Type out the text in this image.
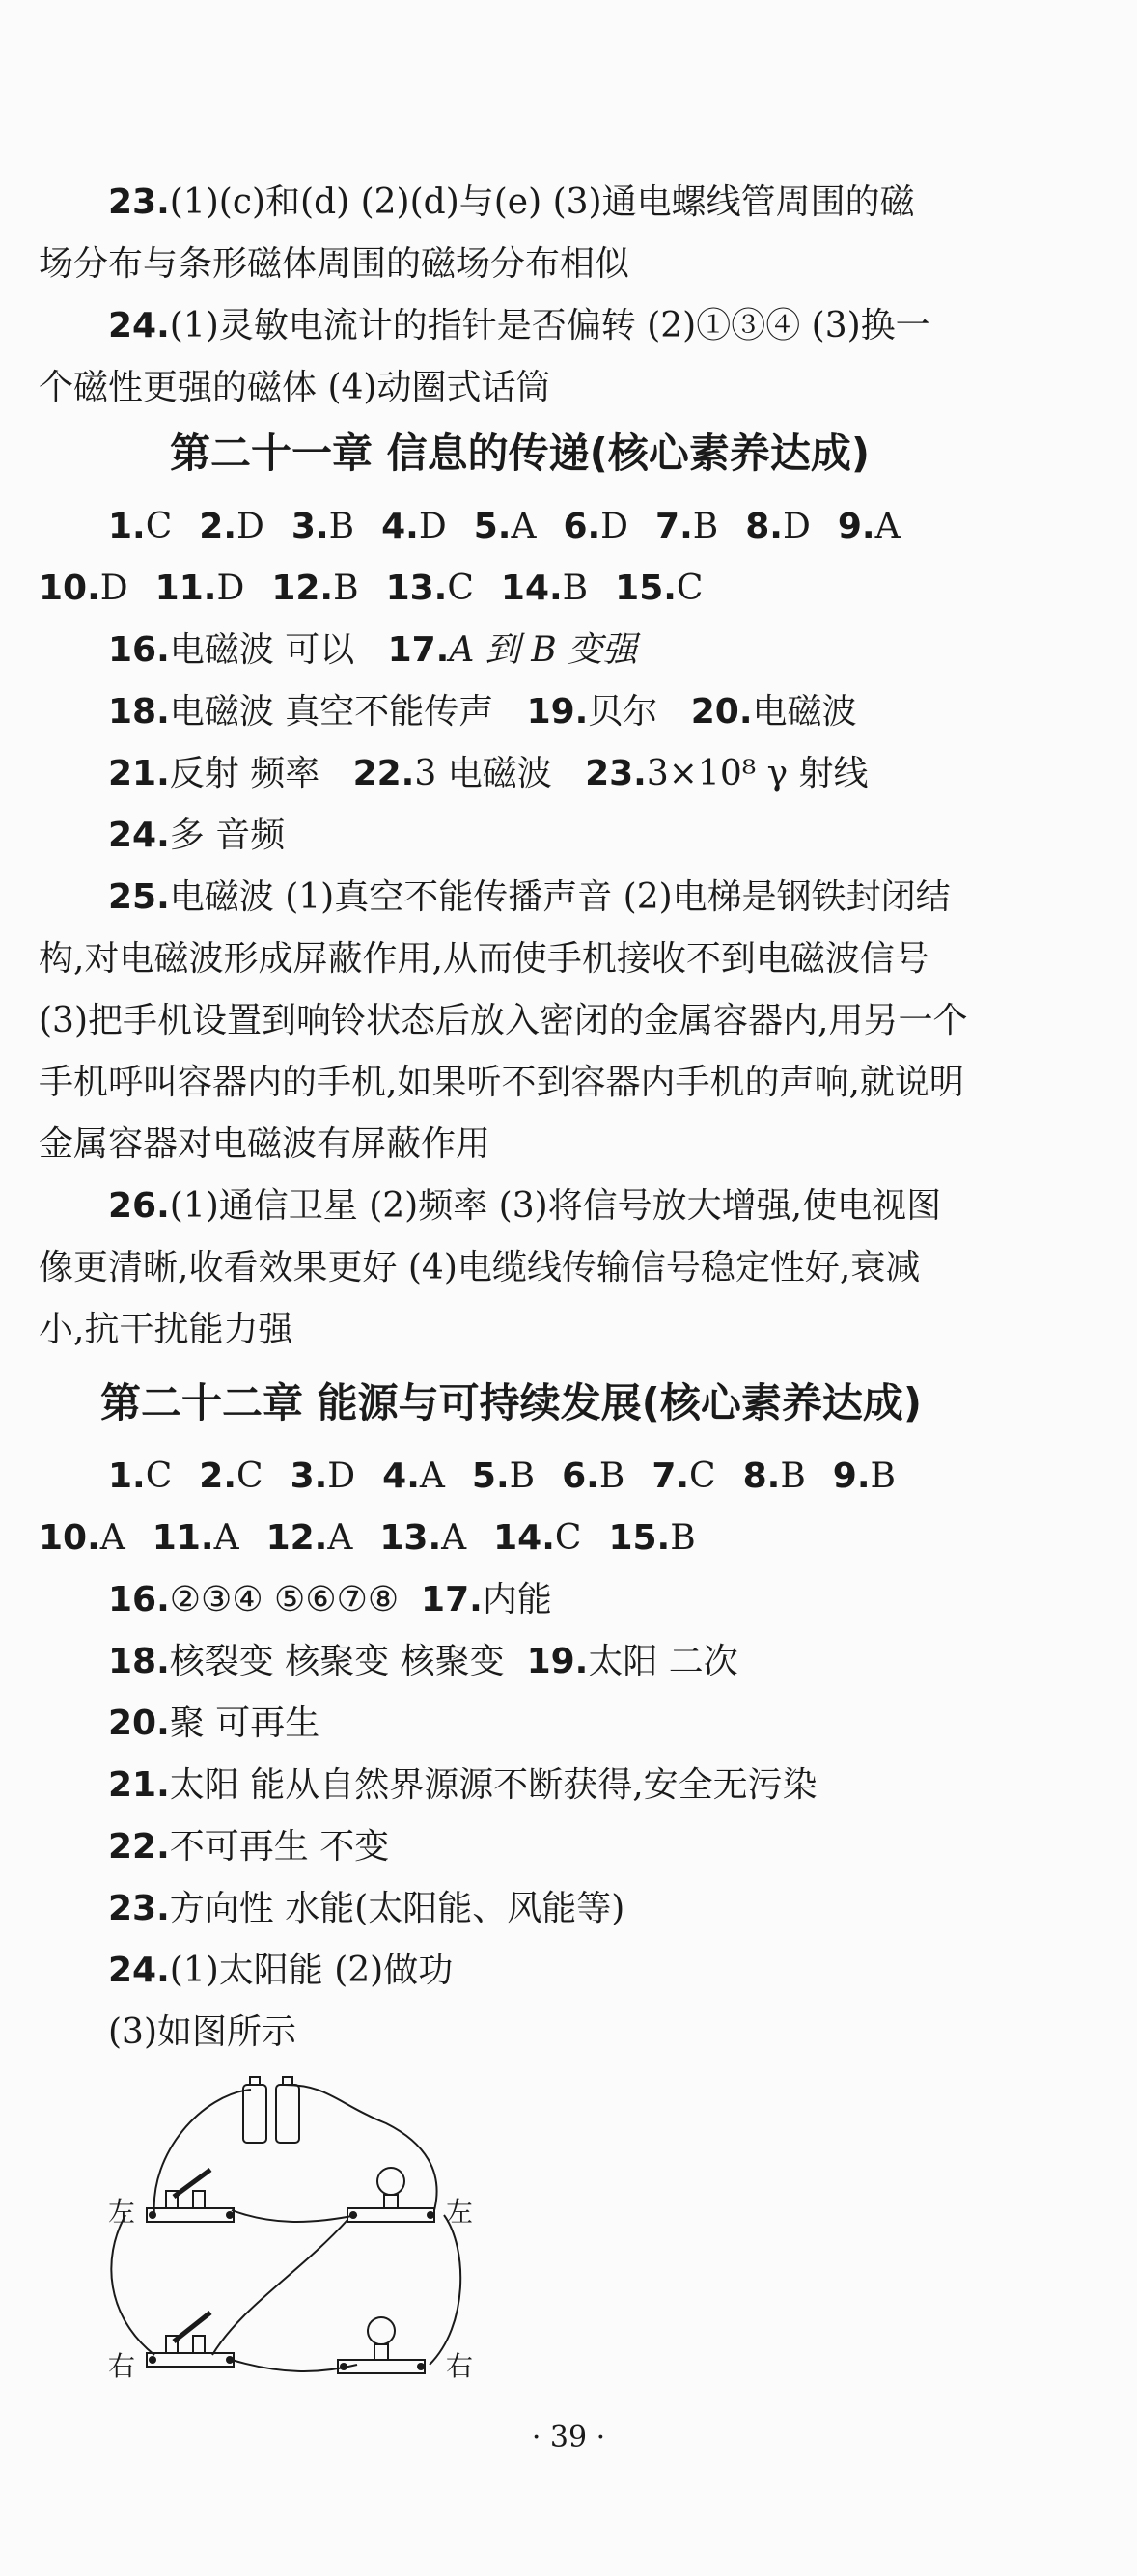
23.(1)(c)和(d) (2)(d)与(e) (3)通电螺线管周围的磁
场分布与条形磁体周围的磁场分布相似
24.(1)灵敏电流计的指针是否偏转 (2)①③④ (3)换一
个磁性更强的磁体 (4)动圈式话筒
第二十一章 信息的传递(核心素养达成)
1.C 2.D 3.B 4.D 5.A 6.D 7.B 8.D 9.A
10.D 11.D 12.B 13.C 14.B 15.C
16.电磁波 可以 17.A 到 B 变强
18.电磁波 真空不能传声 19.贝尔 20.电磁波
21.反射 频率 22.3 电磁波 23.3×10⁸ γ 射线
24.多 音频
25.电磁波 (1)真空不能传播声音 (2)电梯是钢铁封闭结
构,对电磁波形成屏蔽作用,从而使手机接收不到电磁波信号
(3)把手机设置到响铃状态后放入密闭的金属容器内,用另一个
手机呼叫容器内的手机,如果听不到容器内手机的声响,就说明
金属容器对电磁波有屏蔽作用
26.(1)通信卫星 (2)频率 (3)将信号放大增强,使电视图
像更清晰,收看效果更好 (4)电缆线传输信号稳定性好,衰减
小,抗干扰能力强
第二十二章 能源与可持续发展(核心素养达成)
1.C 2.C 3.D 4.A 5.B 6.B 7.C 8.B 9.B
10.A 11.A 12.A 13.A 14.C 15.B
16.②③④ ⑤⑥⑦⑧ 17.内能
18.核裂变 核聚变 核聚变 19.太阳 二次
20.聚 可再生
21.太阳 能从自然界源源不断获得,安全无污染
22.不可再生 不变
23.方向性 水能(太阳能、风能等)
24.(1)太阳能 (2)做功
(3)如图所示
左	左
右	右
· 39 ·
